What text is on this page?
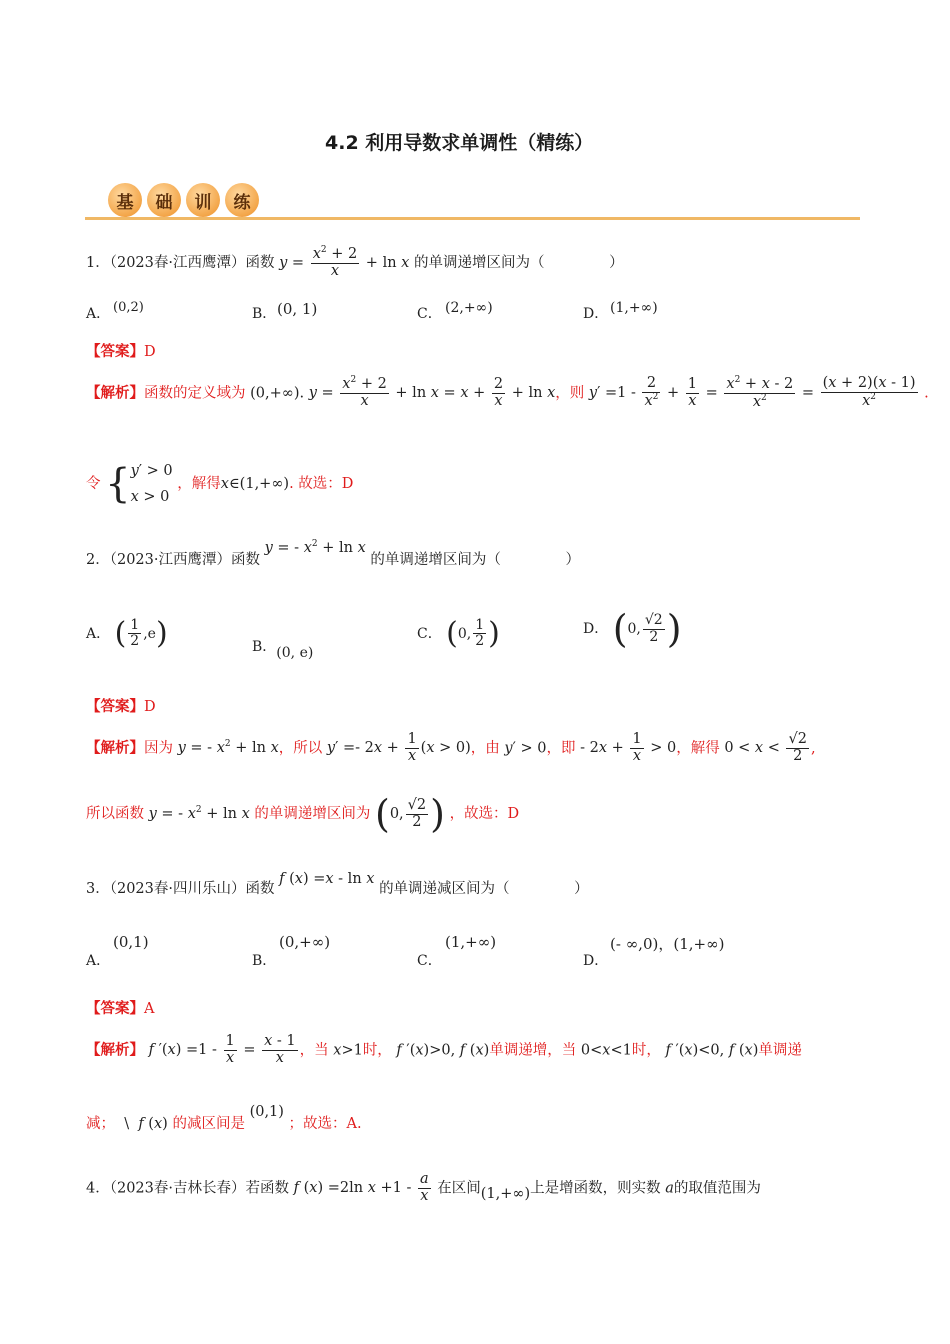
4.2 利用导数求单调性（精练）
基	础	训	练
1．（2023春·江西鹰潭）函数 $y = \frac{x^2 + 2}{x} + \ln x$ 的单调递增区间为（	）
A． (0,2)	B． (0, 1)	C． (2,+∞)	D． (1,+∞)
【答案】D
【解析】函数的定义域为 (0,+∞). $y = \frac{x^2 + 2}{x} + \ln x = x + \frac{2}{x} + \ln x$，则 $y' =1 - \frac{2}{x^2} + \frac{1}{x} = \frac{x^2 + x - 2}{x^2} = \frac{(x + 2)(x - 1)}{x^2}$ .
令 {y′ > 0
x > 0 ，解得x∈(1,+∞). 故选：D
2．（2023·江西鹰潭）函数 y = - $x^2 + \ln x$ 的单调递增区间为（	）
A． ( $\frac{1}{2} ,e$)	B．(0, e)
C． (0, $\frac{1}{2}$ )	D． (0, $\frac{√2}{2}$ )
【答案】D
【解析】因为 y = - $x^2 + \ln x$，所以 $y' =- 2x + \frac{1}{x} (x > 0)$，由 y′ > 0，即 - $2x + \frac{1}{x} > 0$，解得 $0 < x < \frac{√2}{2}$ ,
所以函数 y = - $x^2 + \ln x$ 的单调递增区间为 (0, $\frac{√2}{2}$ ) ，故选：D
3．（2023春·四川乐山）函数 f (x) =x - ln x 的单调递减区间为（	）
A．
(0,1)
B．
(0,+∞)
C．
(1,+∞)
D．
(- ∞,0)，(1,+∞)
【答案】A
【解析】 f $'(x) =1 - \frac{1}{x} = \frac{x - 1}{x}$ ，当 x>1时， f ′(x)>0, f (x)单调递增，当 0<x<1时， f ′(x)<0, f (x)单调递
减；  \  f (x) 的减区间是 (0,1) ；故选：A.
4．（2023春·吉林长春）若函数 f (x) =2ln $x +1 - \frac{a}{x}$ 在区间(1,+∞)上是增函数，则实数 a的取值范围为
